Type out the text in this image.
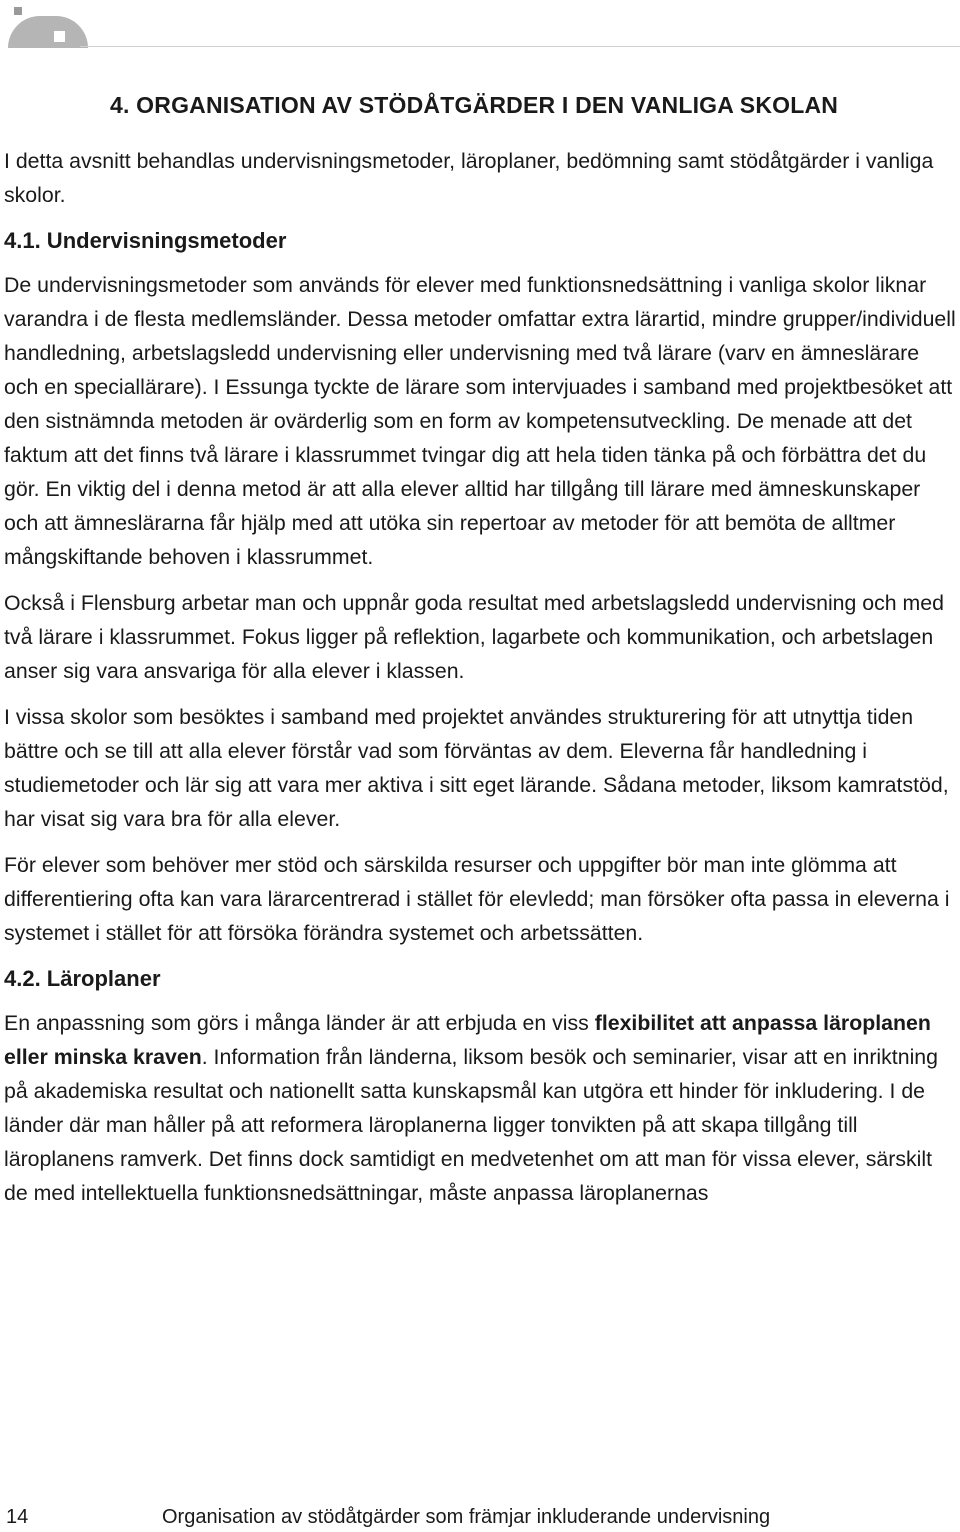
4. ORGANISATION AV STÖDÅTGÄRDER I DEN VANLIGA SKOLAN

I detta avsnitt behandlas undervisningsmetoder, läroplaner, bedömning samt stödåtgärder i vanliga skolor.

4.1. Undervisningsmetoder

De undervisningsmetoder som används för elever med funktionsnedsättning i vanliga skolor liknar varandra i de flesta medlemsländer. Dessa metoder omfattar extra lärartid, mindre grupper/individuell handledning, arbetslagsledd undervisning eller undervisning med två lärare (varv en ämneslärare och en speciallärare). I Essunga tyckte de lärare som intervjuades i samband med projektbesöket att den sistnämnda metoden är ovärderlig som en form av kompetensutveckling. De menade att det faktum att det finns två lärare i klassrummet tvingar dig att hela tiden tänka på och förbättra det du gör. En viktig del i denna metod är att alla elever alltid har tillgång till lärare med ämneskunskaper och att ämneslärarna får hjälp med att utöka sin repertoar av metoder för att bemöta de alltmer mångskiftande behoven i klassrummet.

Också i Flensburg arbetar man och uppnår goda resultat med arbetslagsledd undervisning och med två lärare i klassrummet. Fokus ligger på reflektion, lagarbete och kommunikation, och arbetslagen anser sig vara ansvariga för alla elever i klassen.

I vissa skolor som besöktes i samband med projektet användes strukturering för att utnyttja tiden bättre och se till att alla elever förstår vad som förväntas av dem. Eleverna får handledning i studiemetoder och lär sig att vara mer aktiva i sitt eget lärande. Sådana metoder, liksom kamratstöd, har visat sig vara bra för alla elever.

För elever som behöver mer stöd och särskilda resurser och uppgifter bör man inte glömma att differentiering ofta kan vara lärarcentrerad i stället för elevledd; man försöker ofta passa in eleverna i systemet i stället för att försöka förändra systemet och arbetssätten.

4.2. Läroplaner

En anpassning som görs i många länder är att erbjuda en viss flexibilitet att anpassa läroplanen eller minska kraven. Information från länderna, liksom besök och seminarier, visar att en inriktning på akademiska resultat och nationellt satta kunskapsmål kan utgöra ett hinder för inkludering. I de länder där man håller på att reformera läroplanerna ligger tonvikten på att skapa tillgång till läroplanens ramverk. Det finns dock samtidigt en medvetenhet om att man för vissa elever, särskilt de med intellektuella funktionsnedsättningar, måste anpassa läroplanernas

14	Organisation av stödåtgärder som främjar inkluderande undervisning
